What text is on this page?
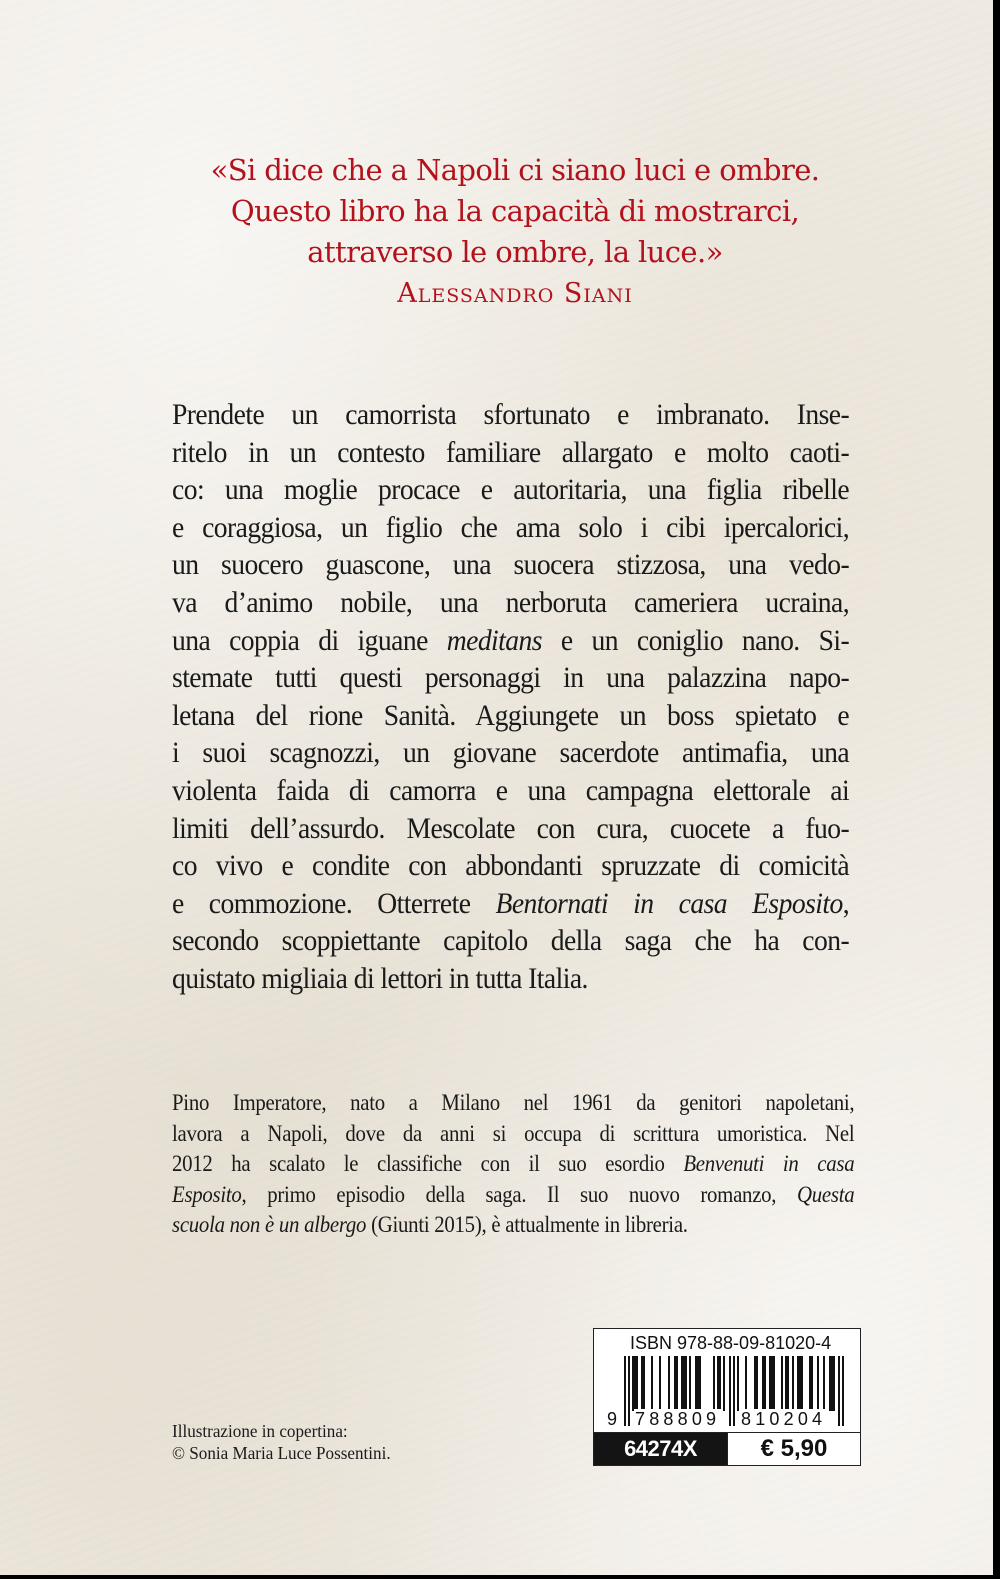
«Si dice che a Napoli ci siano luci e ombre.
Questo libro ha la capacità di mostrarci,
attraverso le ombre, la luce.»
Alessandro Siani
Prendete un camorrista sfortunato e imbranato. Inse-
ritelo in un contesto familiare allargato e molto caoti-
co: una moglie procace e autoritaria, una figlia ribelle
e coraggiosa, un figlio che ama solo i cibi ipercalorici,
un suocero guascone, una suocera stizzosa, una vedo-
va d’animo nobile, una nerboruta cameriera ucraina,
una coppia di iguane meditans e un coniglio nano. Si-
stemate tutti questi personaggi in una palazzina napo-
letana del rione Sanità. Aggiungete un boss spietato e
i suoi scagnozzi, un giovane sacerdote antimafia, una
violenta faida di camorra e una campagna elettorale ai
limiti dell’assurdo. Mescolate con cura, cuocete a fuo-
co vivo e condite con abbondanti spruzzate di comicità
e commozione. Otterrete Bentornati in casa Esposito,
secondo scoppiettante capitolo della saga che ha con-
quistato migliaia di lettori in tutta Italia.
Pino Imperatore, nato a Milano nel 1961 da genitori napoletani,
lavora a Napoli, dove da anni si occupa di scrittura umoristica. Nel
2012 ha scalato le classifiche con il suo esordio Benvenuti in casa
Esposito, primo episodio della saga. Il suo nuovo romanzo, Questa
scuola non è un albergo (Giunti 2015), è attualmente in libreria.
Illustrazione in copertina:
© Sonia Maria Luce Possentini.
ISBN 978-88-09-81020-4
9 788809 810204
64274X	€ 5,90
